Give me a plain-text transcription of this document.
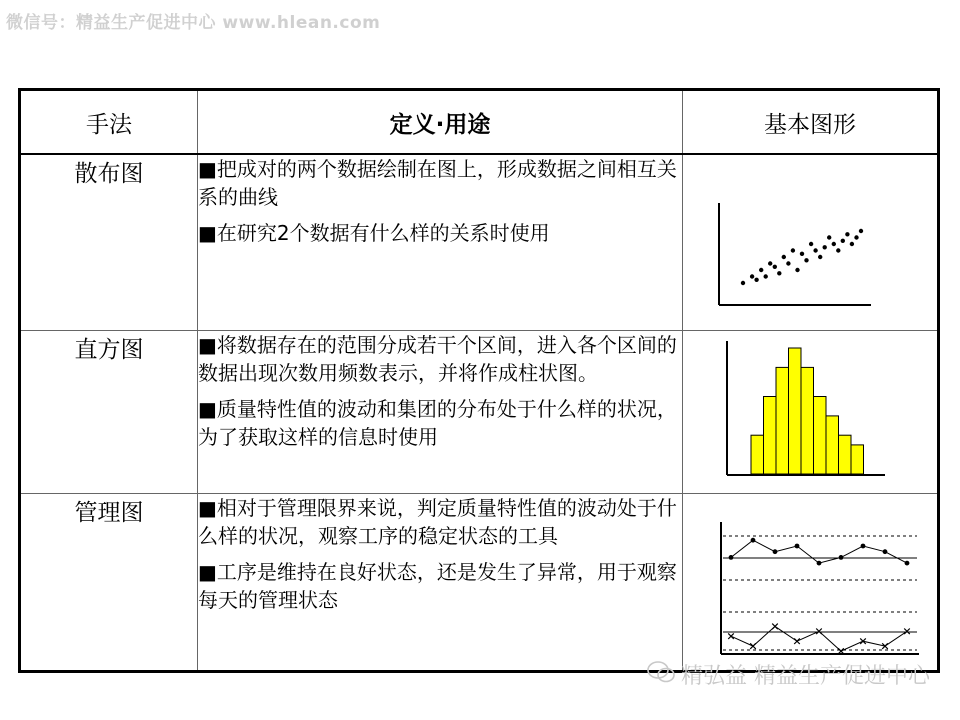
微信号：精益生产促进中心 www.hlean.com
手法	定义·用途	基本图形
散布图	■把成对的两个数据绘制在图上，形成数据之间相互关系的曲线

■在研究2个数据有什么样的关系时使用

直方图	■将数据存在的范围分成若干个区间，进入各个区间的数据出现次数用频数表示，并将作成柱状图。

■质量特性值的波动和集团的分布处于什么样的状况，为了获取这样的信息时使用

管理图	■相对于管理限界来说，判定质量特性值的波动处于什么样的状况，观察工序的稳定状态的工具

■工序是维持在良好状态，还是发生了异常，用于观察每天的管理状态

精弘益 精益生产促进中心
